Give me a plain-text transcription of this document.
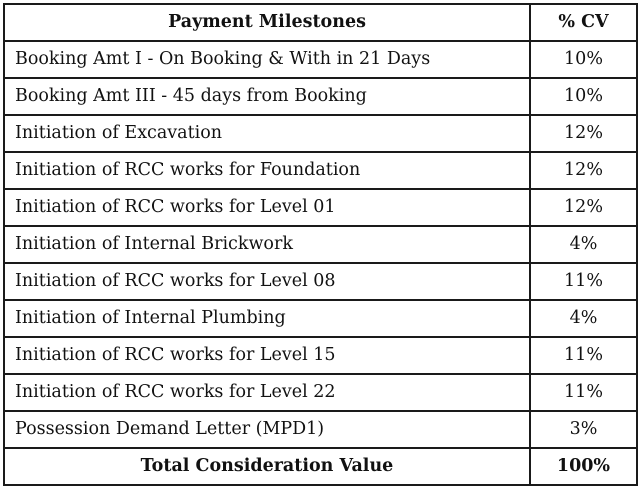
Payment Milestones	% CV
Booking Amt I - On Booking & With in 21 Days	10%
Booking Amt III - 45 days from Booking	10%
Initiation of Excavation	12%
Initiation of RCC works for Foundation	12%
Initiation of RCC works for Level 01	12%
Initiation of Internal Brickwork	4%
Initiation of RCC works for Level 08	11%
Initiation of Internal Plumbing	4%
Initiation of RCC works for Level 15	11%
Initiation of RCC works for Level 22	11%
Possession Demand Letter (MPD1)	3%
Total Consideration Value	100%
